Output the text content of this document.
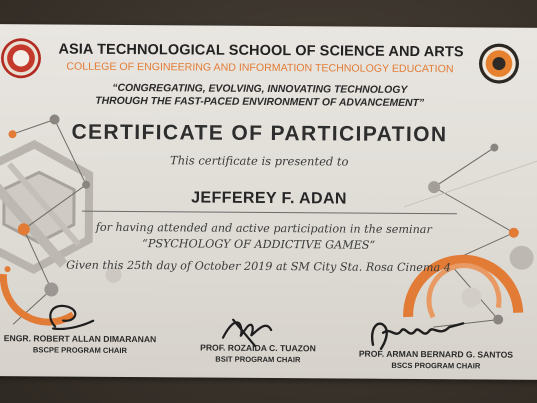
ASIA TECHNOLOGICAL SCHOOL OF SCIENCE AND ARTS
COLLEGE OF ENGINEERING AND INFORMATION TECHNOLOGY EDUCATION
“CONGREGATING, EVOLVING, INNOVATING TECHNOLOGY
THROUGH THE FAST-PACED ENVIRONMENT OF ADVANCEMENT”
CERTIFICATE OF PARTICIPATION
This certificate is presented to
JEFFEREY F. ADAN
for having attended and active participation in the seminar
“PSYCHOLOGY OF ADDICTIVE GAMES”
Given this 25th day of October 2019 at SM City Sta. Rosa Cinema 4
ENGR. ROBERT ALLAN DIMARANAN
BSCPE PROGRAM CHAIR	PROF. ROZAIDA C. TUAZON
BSIT PROGRAM CHAIR	PROF. ARMAN BERNARD G. SANTOS
BSCS PROGRAM CHAIR
